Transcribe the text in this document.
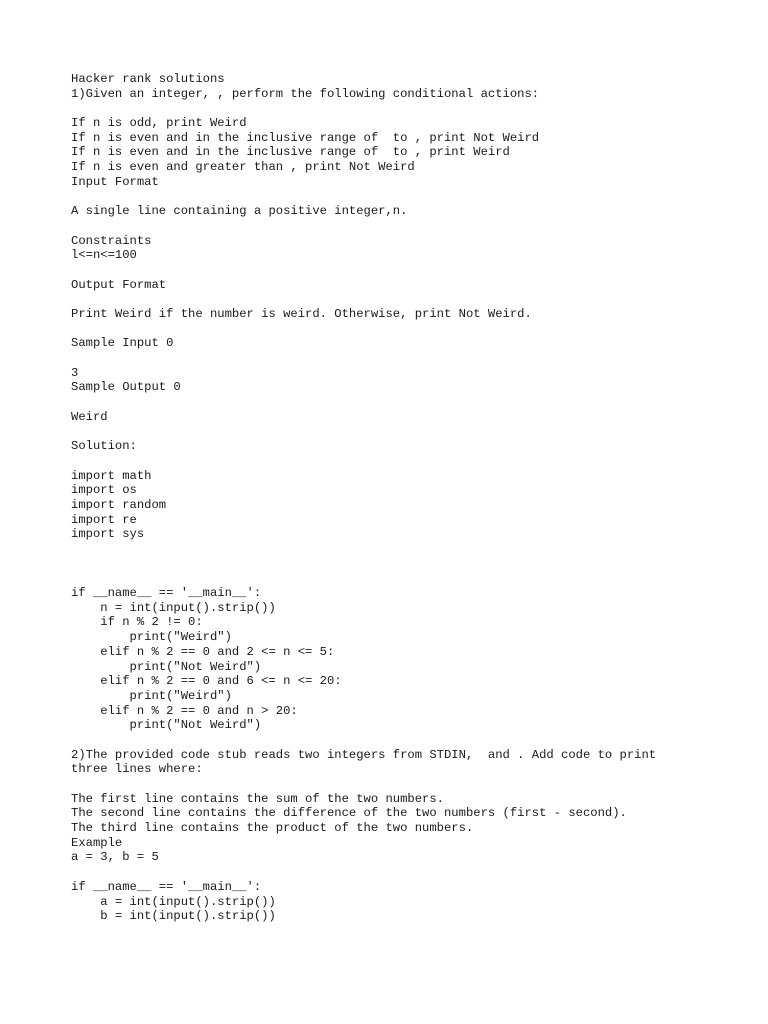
Hacker rank solutions
1)Given an integer, , perform the following conditional actions:
If n is odd, print Weird
If n is even and in the inclusive range of  to , print Not Weird
If n is even and in the inclusive range of  to , print Weird
If n is even and greater than , print Not Weird
Input Format
A single line containing a positive integer,n.
Constraints
l<=n<=100
Output Format
Print Weird if the number is weird. Otherwise, print Not Weird.
Sample Input 0
3
Sample Output 0
Weird
Solution:
import math
import os
import random
import re
import sys
if __name__ == '__main__':
n = int(input().strip())
if n % 2 != 0:
print("Weird")
elif n % 2 == 0 and 2 <= n <= 5:
print("Not Weird")
elif n % 2 == 0 and 6 <= n <= 20:
print("Weird")
elif n % 2 == 0 and n > 20:
print("Not Weird")
2)The provided code stub reads two integers from STDIN,  and . Add code to print
three lines where:
The first line contains the sum of the two numbers.
The second line contains the difference of the two numbers (first - second).
The third line contains the product of the two numbers.
Example
a = 3, b = 5
if __name__ == '__main__':
a = int(input().strip())
b = int(input().strip())
